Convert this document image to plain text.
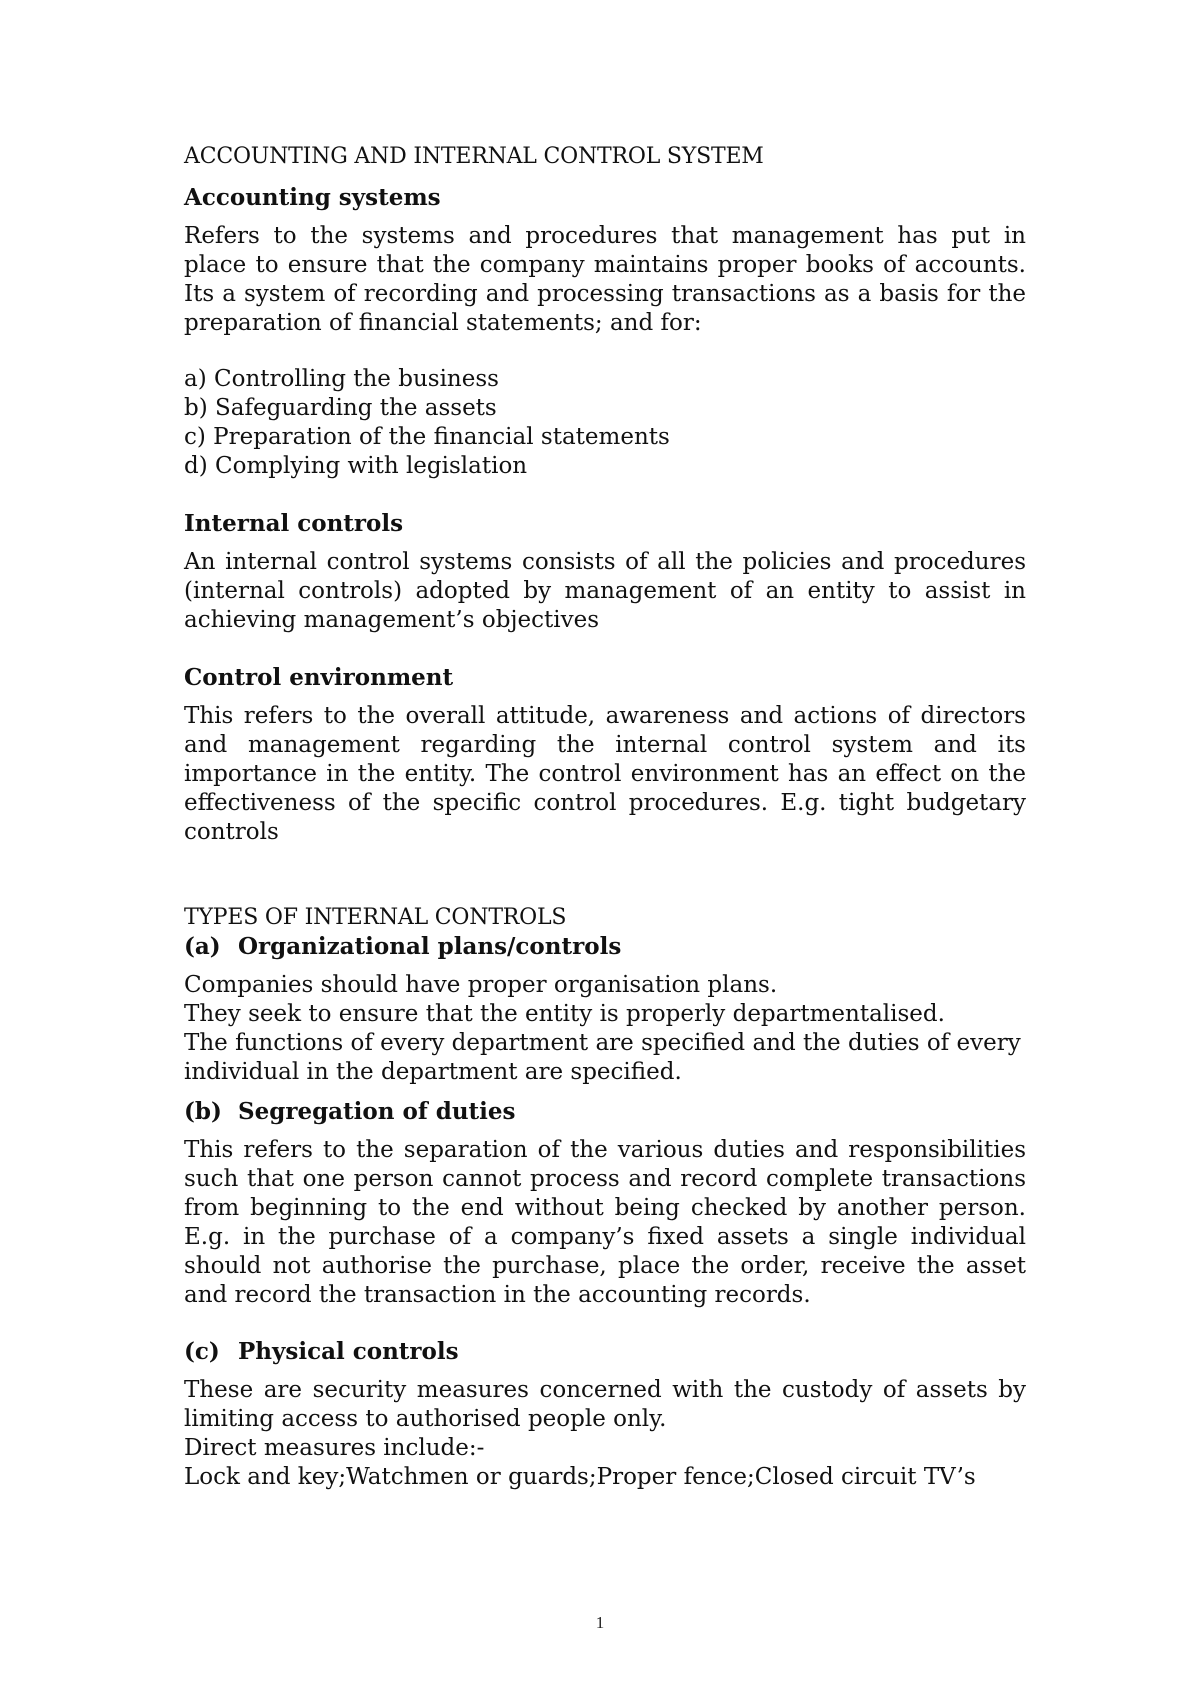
ACCOUNTING AND INTERNAL CONTROL SYSTEM
Accounting systems

Refers to the systems and procedures that management has put in place to ensure that the company maintains proper books of accounts. Its a system of recording and processing transactions as a basis for the preparation of financial statements; and for:

a) Controlling the business
b) Safeguarding the assets
c) Preparation of the financial statements
d) Complying with legislation
Internal controls

An internal control systems consists of all the policies and procedures (internal controls) adopted by management of an entity to assist in achieving management’s objectives

Control environment

This refers to the overall attitude, awareness and actions of directors and management regarding the internal control system and its importance in the entity. The control environment has an effect on the effectiveness of the specific control procedures. E.g. tight budgetary controls

TYPES OF INTERNAL CONTROLS
(a) Organizational plans/controls

Companies should have proper organisation plans.

They seek to ensure that the entity is properly departmentalised.

The functions of every department are specified and the duties of every individual in the department are specified.

(b) Segregation of duties

This refers to the separation of the various duties and responsibilities such that one person cannot process and record complete transactions from beginning to the end without being checked by another person. E.g. in the purchase of a company’s fixed assets a single individual should not authorise the purchase, place the order, receive the asset and record the transaction in the accounting records.

(c) Physical controls

These are security measures concerned with the custody of assets by limiting access to authorised people only.

Direct measures include:-

Lock and key;Watchmen or guards;Proper fence;Closed circuit TV’s

1
